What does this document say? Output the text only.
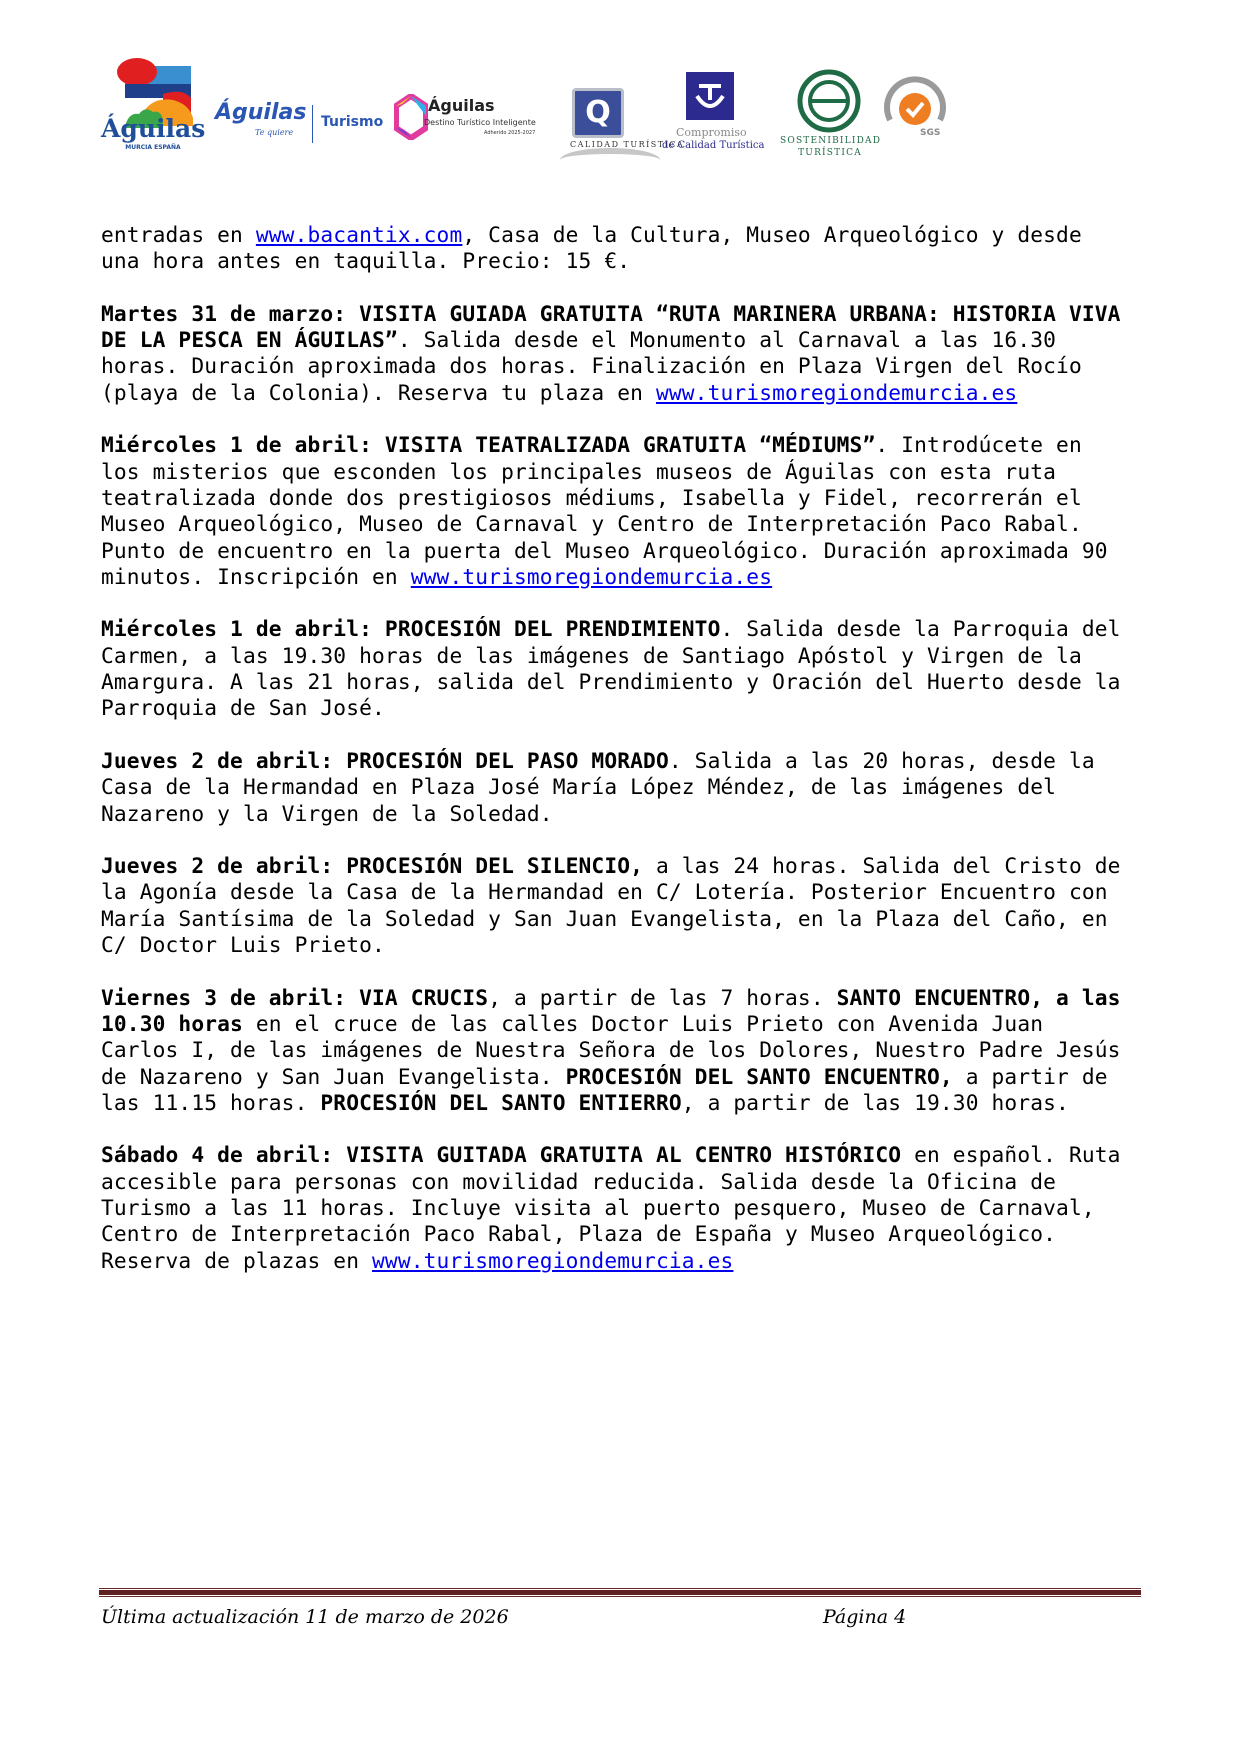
Águilas
MURCIA ESPAÑA
Águilas
Te quiere
Turismo
Águilas
Destino Turístico Inteligente
Adherido 2025-2027
Q
CALIDAD TURÍSTICA
Compromiso
de Calidad Turística SOSTENIBILIDAD
TURÍSTICA
SGS

entradas en www.bacantix.com, Casa de la Cultura, Museo Arqueológico y desde una hora antes en taquilla. Precio: 15 €.

Martes 31 de marzo: VISITA GUIADA GRATUITA “RUTA MARINERA URBANA: HISTORIA VIVA DE LA PESCA EN ÁGUILAS”. Salida desde el Monumento al Carnaval a las 16.30 horas. Duración aproximada dos horas. Finalización en Plaza Virgen del Rocío (playa de la Colonia). Reserva tu plaza en www.turismoregiondemurcia.es

Miércoles 1 de abril: VISITA TEATRALIZADA GRATUITA “MÉDIUMS”. Introdúcete en los misterios que esconden los principales museos de Águilas con esta ruta teatralizada donde dos prestigiosos médiums, Isabella y Fidel, recorrerán el Museo Arqueológico, Museo de Carnaval y Centro de Interpretación Paco Rabal. Punto de encuentro en la puerta del Museo Arqueológico. Duración aproximada 90 minutos. Inscripción en www.turismoregiondemurcia.es

Miércoles 1 de abril: PROCESIÓN DEL PRENDIMIENTO. Salida desde la Parroquia del Carmen, a las 19.30 horas de las imágenes de Santiago Apóstol y Virgen de la Amargura. A las 21 horas, salida del Prendimiento y Oración del Huerto desde la Parroquia de San José.

Jueves 2 de abril: PROCESIÓN DEL PASO MORADO. Salida a las 20 horas, desde la Casa de la Hermandad en Plaza José María López Méndez, de las imágenes del Nazareno y la Virgen de la Soledad.

Jueves 2 de abril: PROCESIÓN DEL SILENCIO, a las 24 horas. Salida del Cristo de la Agonía desde la Casa de la Hermandad en C/ Lotería. Posterior Encuentro con María Santísima de la Soledad y San Juan Evangelista, en la Plaza del Caño, en C/ Doctor Luis Prieto.

Viernes 3 de abril: VIA CRUCIS, a partir de las 7 horas. SANTO ENCUENTRO, a las 10.30 horas en el cruce de las calles Doctor Luis Prieto con Avenida Juan Carlos I, de las imágenes de Nuestra Señora de los Dolores, Nuestro Padre Jesús de Nazareno y San Juan Evangelista. PROCESIÓN DEL SANTO ENCUENTRO, a partir de las 11.15 horas. PROCESIÓN DEL SANTO ENTIERRO, a partir de las 19.30 horas.

Sábado 4 de abril: VISITA GUITADA GRATUITA AL CENTRO HISTÓRICO en español. Ruta accesible para personas con movilidad reducida. Salida desde la Oficina de Turismo a las 11 horas. Incluye visita al puerto pesquero, Museo de Carnaval, Centro de Interpretación Paco Rabal, Plaza de España y Museo Arqueológico. Reserva de plazas en www.turismoregiondemurcia.es

Última actualización 11 de marzo de 2026	Página 4
